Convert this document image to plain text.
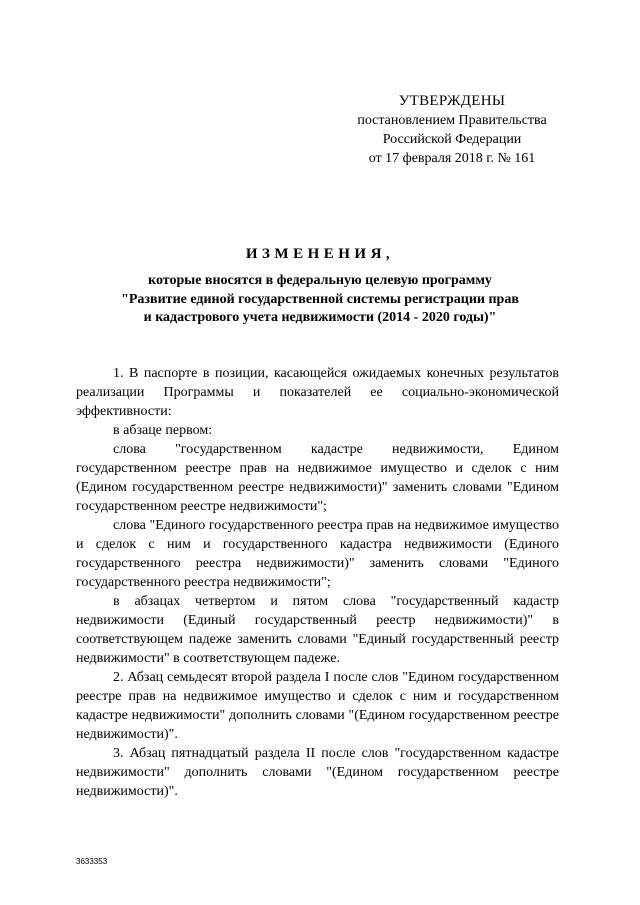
УТВЕРЖДЕНЫ
постановлением Правительства
Российской Федерации
от 17 февраля 2018 г. № 161
ИЗМЕНЕНИЯ,
которые вносятся в федеральную целевую программу
"Развитие единой государственной системы регистрации прав
и кадастрового учета недвижимости (2014 - 2020 годы)"

1. В паспорте в позиции, касающейся ожидаемых конечных результатов реализации Программы и показателей ее социально-экономической эффективности:

в абзаце первом:

слова "государственном кадастре недвижимости, Едином государственном реестре прав на недвижимое имущество и сделок с ним (Едином государственном реестре недвижимости)" заменить словами "Едином государственном реестре недвижимости";

слова "Единого государственного реестра прав на недвижимое имущество и сделок с ним и государственного кадастра недвижимости (Единого государственного реестра недвижимости)" заменить словами "Единого государственного реестра недвижимости";

в абзацах четвертом и пятом слова "государственный кадастр недвижимости (Единый государственный реестр недвижимости)" в соответствующем падеже заменить словами "Единый государственный реестр недвижимости" в соответствующем падеже.

2. Абзац семьдесят второй раздела I после слов "Едином государственном реестре прав на недвижимое имущество и сделок с ним и государственном кадастре недвижимости" дополнить словами "(Едином государственном реестре недвижимости)".

3. Абзац пятнадцатый раздела II после слов "государственном кадастре недвижимости" дополнить словами "(Едином государственном реестре недвижимости)".

3633353
